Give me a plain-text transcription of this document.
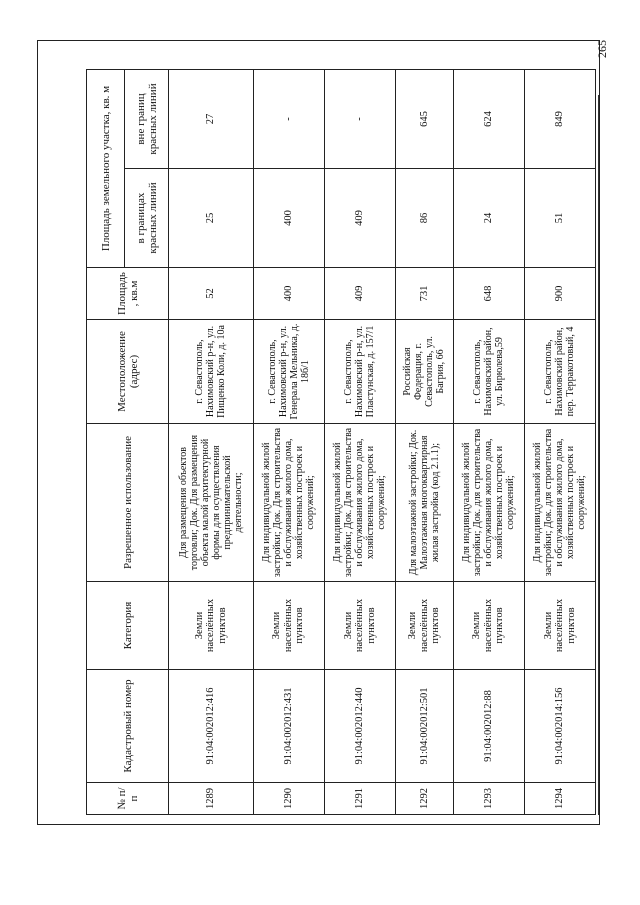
265
№ п/п	Кадастровый номер	Категория	Разрешенное использование	Местоположение (адрес)	Площадь, кв.м	Площадь земельного участка, кв. м	
						в границах красных линий	вне границ красных линий
1289	91:04:002012:416	Земли населённых пунктов	Для размещения объектов торговли; Док. Для размещения объекта малой архитектурной формы для осуществления предпринимательской деятельности;	г. Севастополь, Нахимовский р-н, ул. Пищенко Коли, д. 10а	52	25	27
1290	91:04:002012:431	Земли населённых пунктов	Для индивидуальной жилой застройки; Док. Для строительства и обслуживания жилого дома, хозяйственных построек и сооружений;	г. Севастополь, Нахимовский р-н, ул. Генерала Мельника, д. 18б/1	400	400	-
1291	91:04:002012:440	Земли населённых пунктов	Для индивидуальной жилой застройки; Док. Для строительства и обслуживания жилого дома, хозяйственных построек и сооружений;	г. Севастополь, Нахимовский р-н, ул. Пластунская, д. 157/1	409	409	-
1292	91:04:002012:501	Земли населённых пунктов	Для малоэтажной застройки; Док. Малоэтажная многоквартирная жилая застройка (код 2.1.1);	Российская Федерация, г. Севастополь, ул. Багрия, 66	731	86	645
1293	91:04:002012:88	Земли населённых пунктов	Для индивидуальной жилой застройки; Док. для строительства и обслуживания жилого дома, хозяйственных построек и сооружений;	г. Севастополь, Нахимовский район, ул. Бирюлева,59	648	24	624
1294	91:04:002014:156	Земли населённых пунктов	Для индивидуальной жилой застройки; Док. для строительства и обслуживания жилого дома, хозяйственных построек и сооружений;	г. Севастополь, Нахимовский район, пер. Терракотовый, 4	900	51	849
